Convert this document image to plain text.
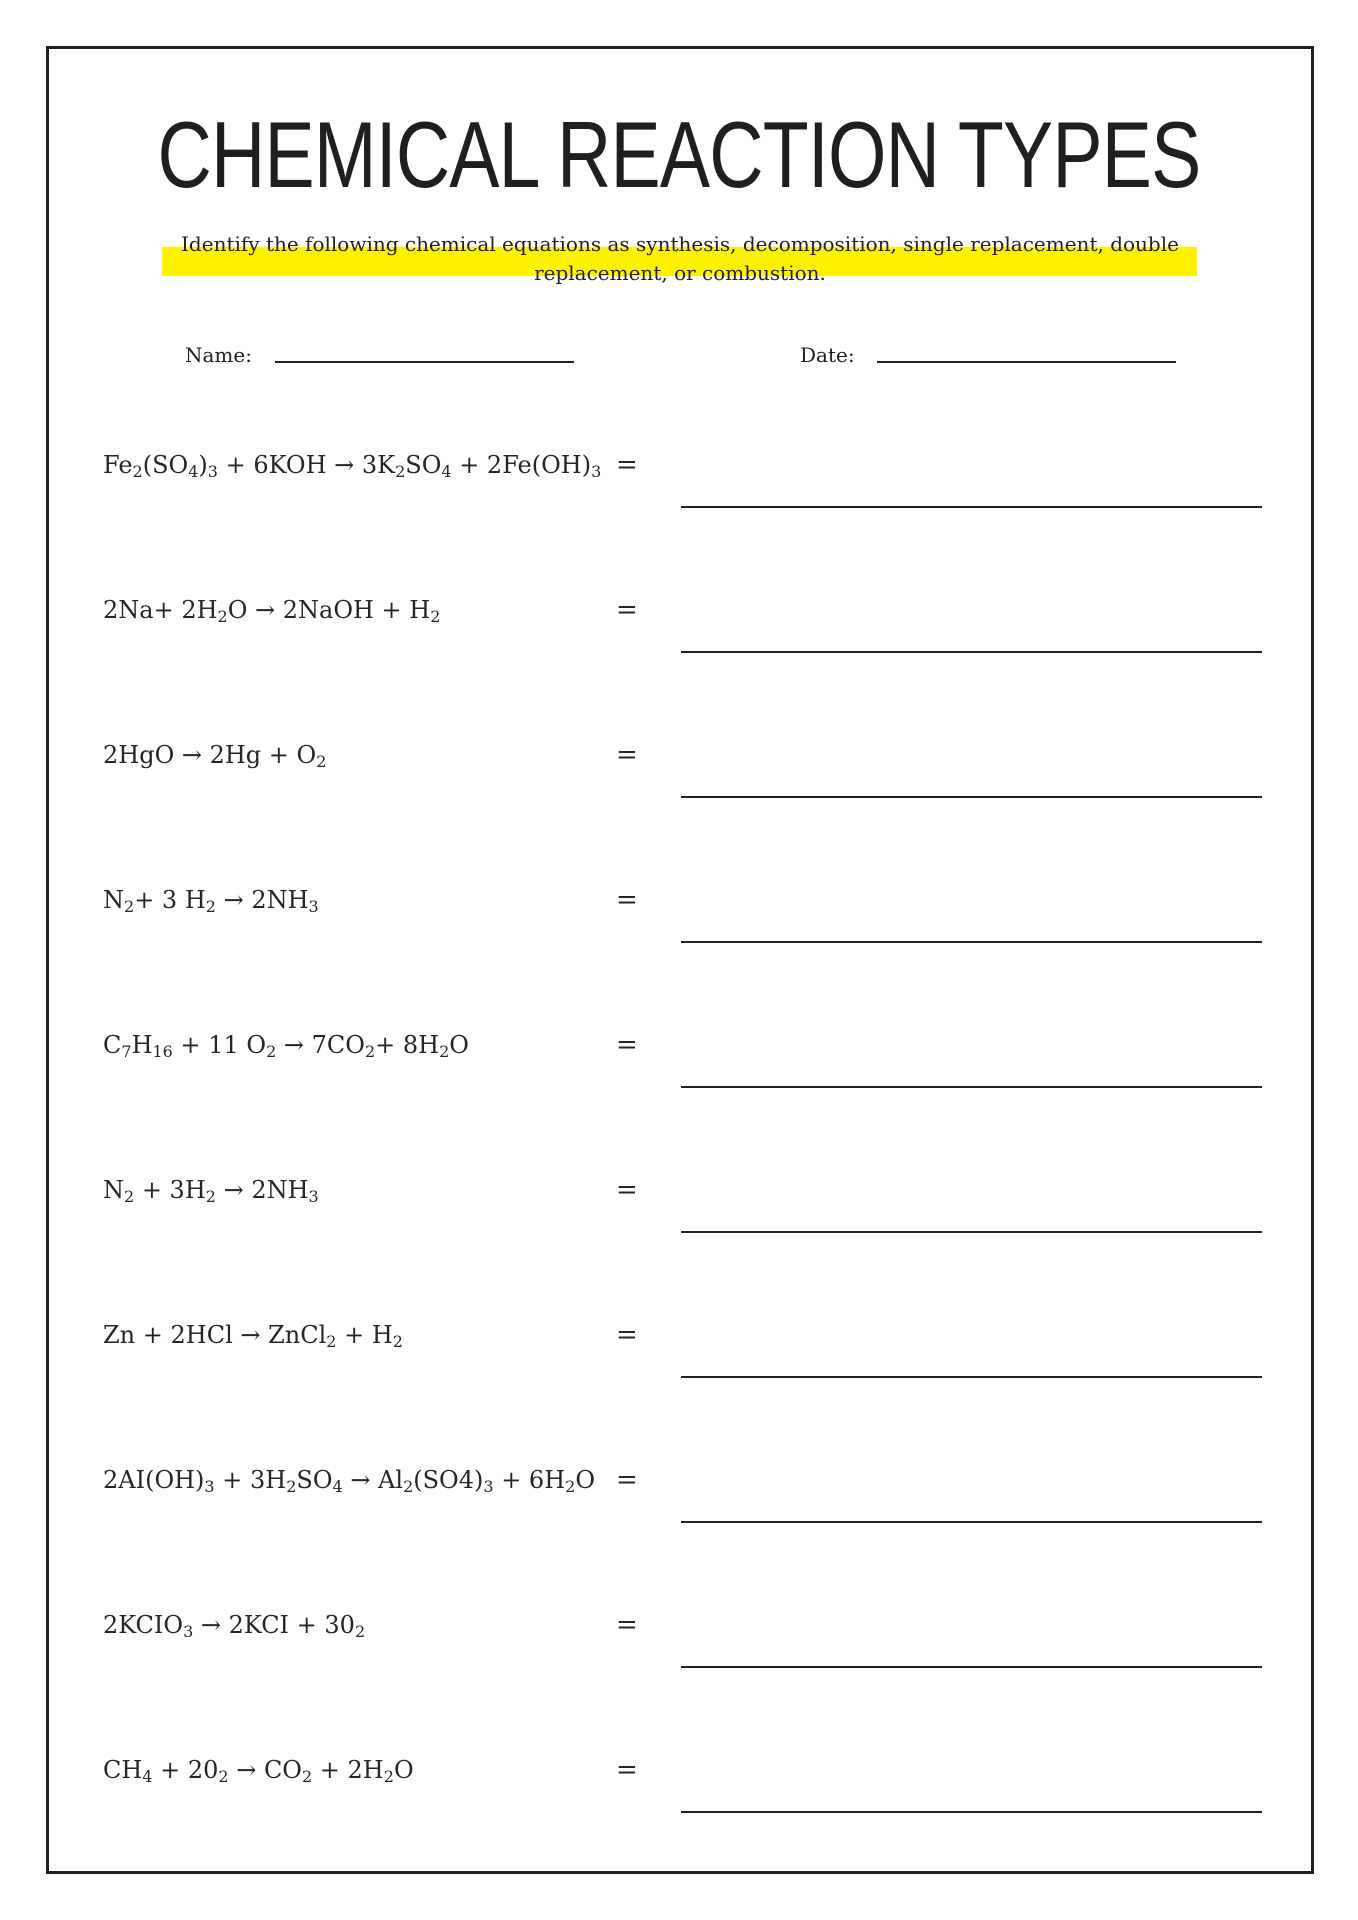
CHEMICAL REACTION TYPES
Identify the following chemical equations as synthesis, decomposition, single replacement, double replacement, or combustion.
Name:	Date:
$Fe_2(SO_4)_3 + 6KOH \to 3K_2SO_4 + 2Fe(OH)_3$ =
$2Na+ 2H_2O$ → 2NaOH + $H_2$	=
$2HgO \to 2Hg + O_2$	=
$N_2+ 3$ $H_2 \to 2NH_3$	=
$C_7H_{16} + 11$ $O_2 \to 7CO_2+ 8H_2O$	=
$N_2 + 3H_2 \to 2NH_3$	=
Zn + 2HCl → ZnCl$_2$ + $H_2$	=
$2AI(OH)_3 + 3H_2SO_4 \to Al_2(SO4)_3 + 6H_2O$ =
$2KCIO_3 \to 2KCI + 30_2$	=
$CH_4 + 20_2 \to CO_2 + 2H_2O$	=
